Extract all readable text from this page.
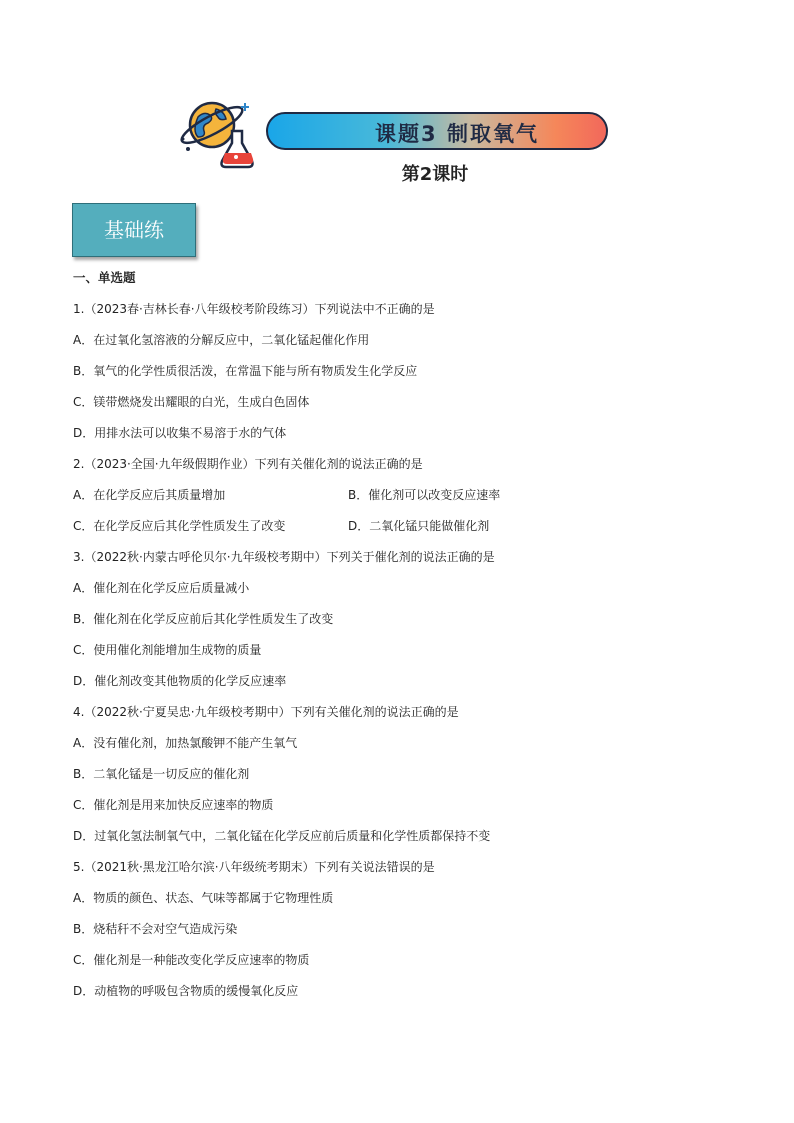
课题3 制取氧气
第2课时
基础练
一、单选题
1.（2023春·吉林长春·八年级校考阶段练习）下列说法中不正确的是
A．在过氧化氢溶液的分解反应中，二氧化锰起催化作用
B．氧气的化学性质很活泼，在常温下能与所有物质发生化学反应
C．镁带燃烧发出耀眼的白光，生成白色固体
D．用排水法可以收集不易溶于水的气体
2.（2023·全国·九年级假期作业）下列有关催化剂的说法正确的是
A．在化学反应后其质量增加	B．催化剂可以改变反应速率
C．在化学反应后其化学性质发生了改变	D．二氧化锰只能做催化剂
3.（2022秋·内蒙古呼伦贝尔·九年级校考期中）下列关于催化剂的说法正确的是
A．催化剂在化学反应后质量减小
B．催化剂在化学反应前后其化学性质发生了改变
C．使用催化剂能增加生成物的质量
D．催化剂改变其他物质的化学反应速率
4.（2022秋·宁夏吴忠·九年级校考期中）下列有关催化剂的说法正确的是
A．没有催化剂，加热氯酸钾不能产生氧气
B．二氧化锰是一切反应的催化剂
C．催化剂是用来加快反应速率的物质
D．过氧化氢法制氧气中，二氧化锰在化学反应前后质量和化学性质都保持不变
5.（2021秋·黑龙江哈尔滨·八年级统考期末）下列有关说法错误的是
A．物质的颜色、状态、气味等都属于它物理性质
B．烧秸秆不会对空气造成污染
C．催化剂是一种能改变化学反应速率的物质
D．动植物的呼吸包含物质的缓慢氧化反应
